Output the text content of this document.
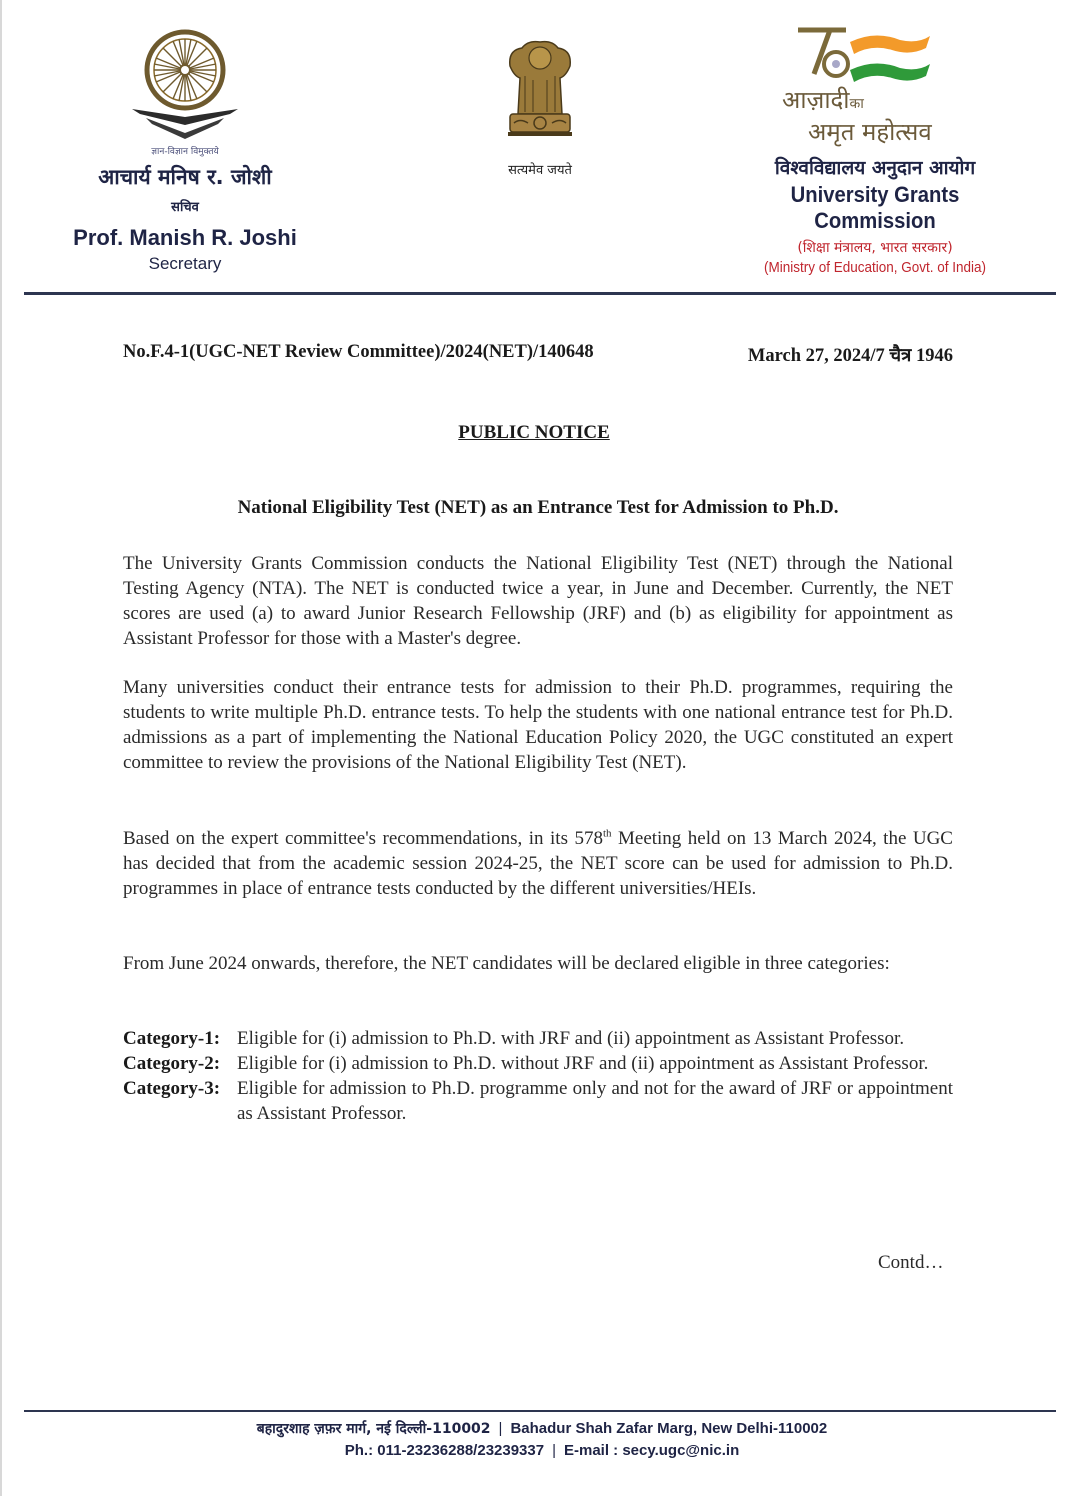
ज्ञान-विज्ञान विमुक्तये
आचार्य मनिष र. जोशी
सचिव
Prof. Manish R. Joshi
Secretary
सत्यमेव जयते
आज़ादीका
अमृत महोत्सव
विश्वविद्यालय अनुदान आयोग
University Grants Commission
(शिक्षा मंत्रालय, भारत सरकार)
(Ministry of Education, Govt. of India)
No.F.4-1(UGC-NET Review Committee)/2024(NET)/140648	March 27, 2024/7 चैत्र 1946
PUBLIC NOTICE
National Eligibility Test (NET) as an Entrance Test for Admission to Ph.D.
The University Grants Commission conducts the National Eligibility Test (NET) through the National Testing Agency (NTA). The NET is conducted twice a year, in June and December. Currently, the NET scores are used (a) to award Junior Research Fellowship (JRF) and (b) as eligibility for appointment as Assistant Professor for those with a Master's degree.
Many universities conduct their entrance tests for admission to their Ph.D. programmes, requiring the students to write multiple Ph.D. entrance tests. To help the students with one national entrance test for Ph.D. admissions as a part of implementing the National Education Policy 2020, the UGC constituted an expert committee to review the provisions of the National Eligibility Test (NET).
Based on the expert committee's recommendations, in its 578th Meeting held on 13 March 2024, the UGC has decided that from the academic session 2024-25, the NET score can be used for admission to Ph.D. programmes in place of entrance tests conducted by the different universities/HEIs.
From June 2024 onwards, therefore, the NET candidates will be declared eligible in three categories:
Category-1: Eligible for (i) admission to Ph.D. with JRF and (ii) appointment as Assistant Professor.
Category-2: Eligible for (i) admission to Ph.D. without JRF and (ii) appointment as Assistant Professor.
Category-3: Eligible for admission to Ph.D. programme only and not for the award of JRF or appointment as Assistant Professor.
Contd…
बहादुरशाह ज़फ़र मार्ग, नई दिल्ली-110002 | Bahadur Shah Zafar Marg, New Delhi-110002
Ph.: 011-23236288/23239337 | E-mail : secy.ugc@nic.in
